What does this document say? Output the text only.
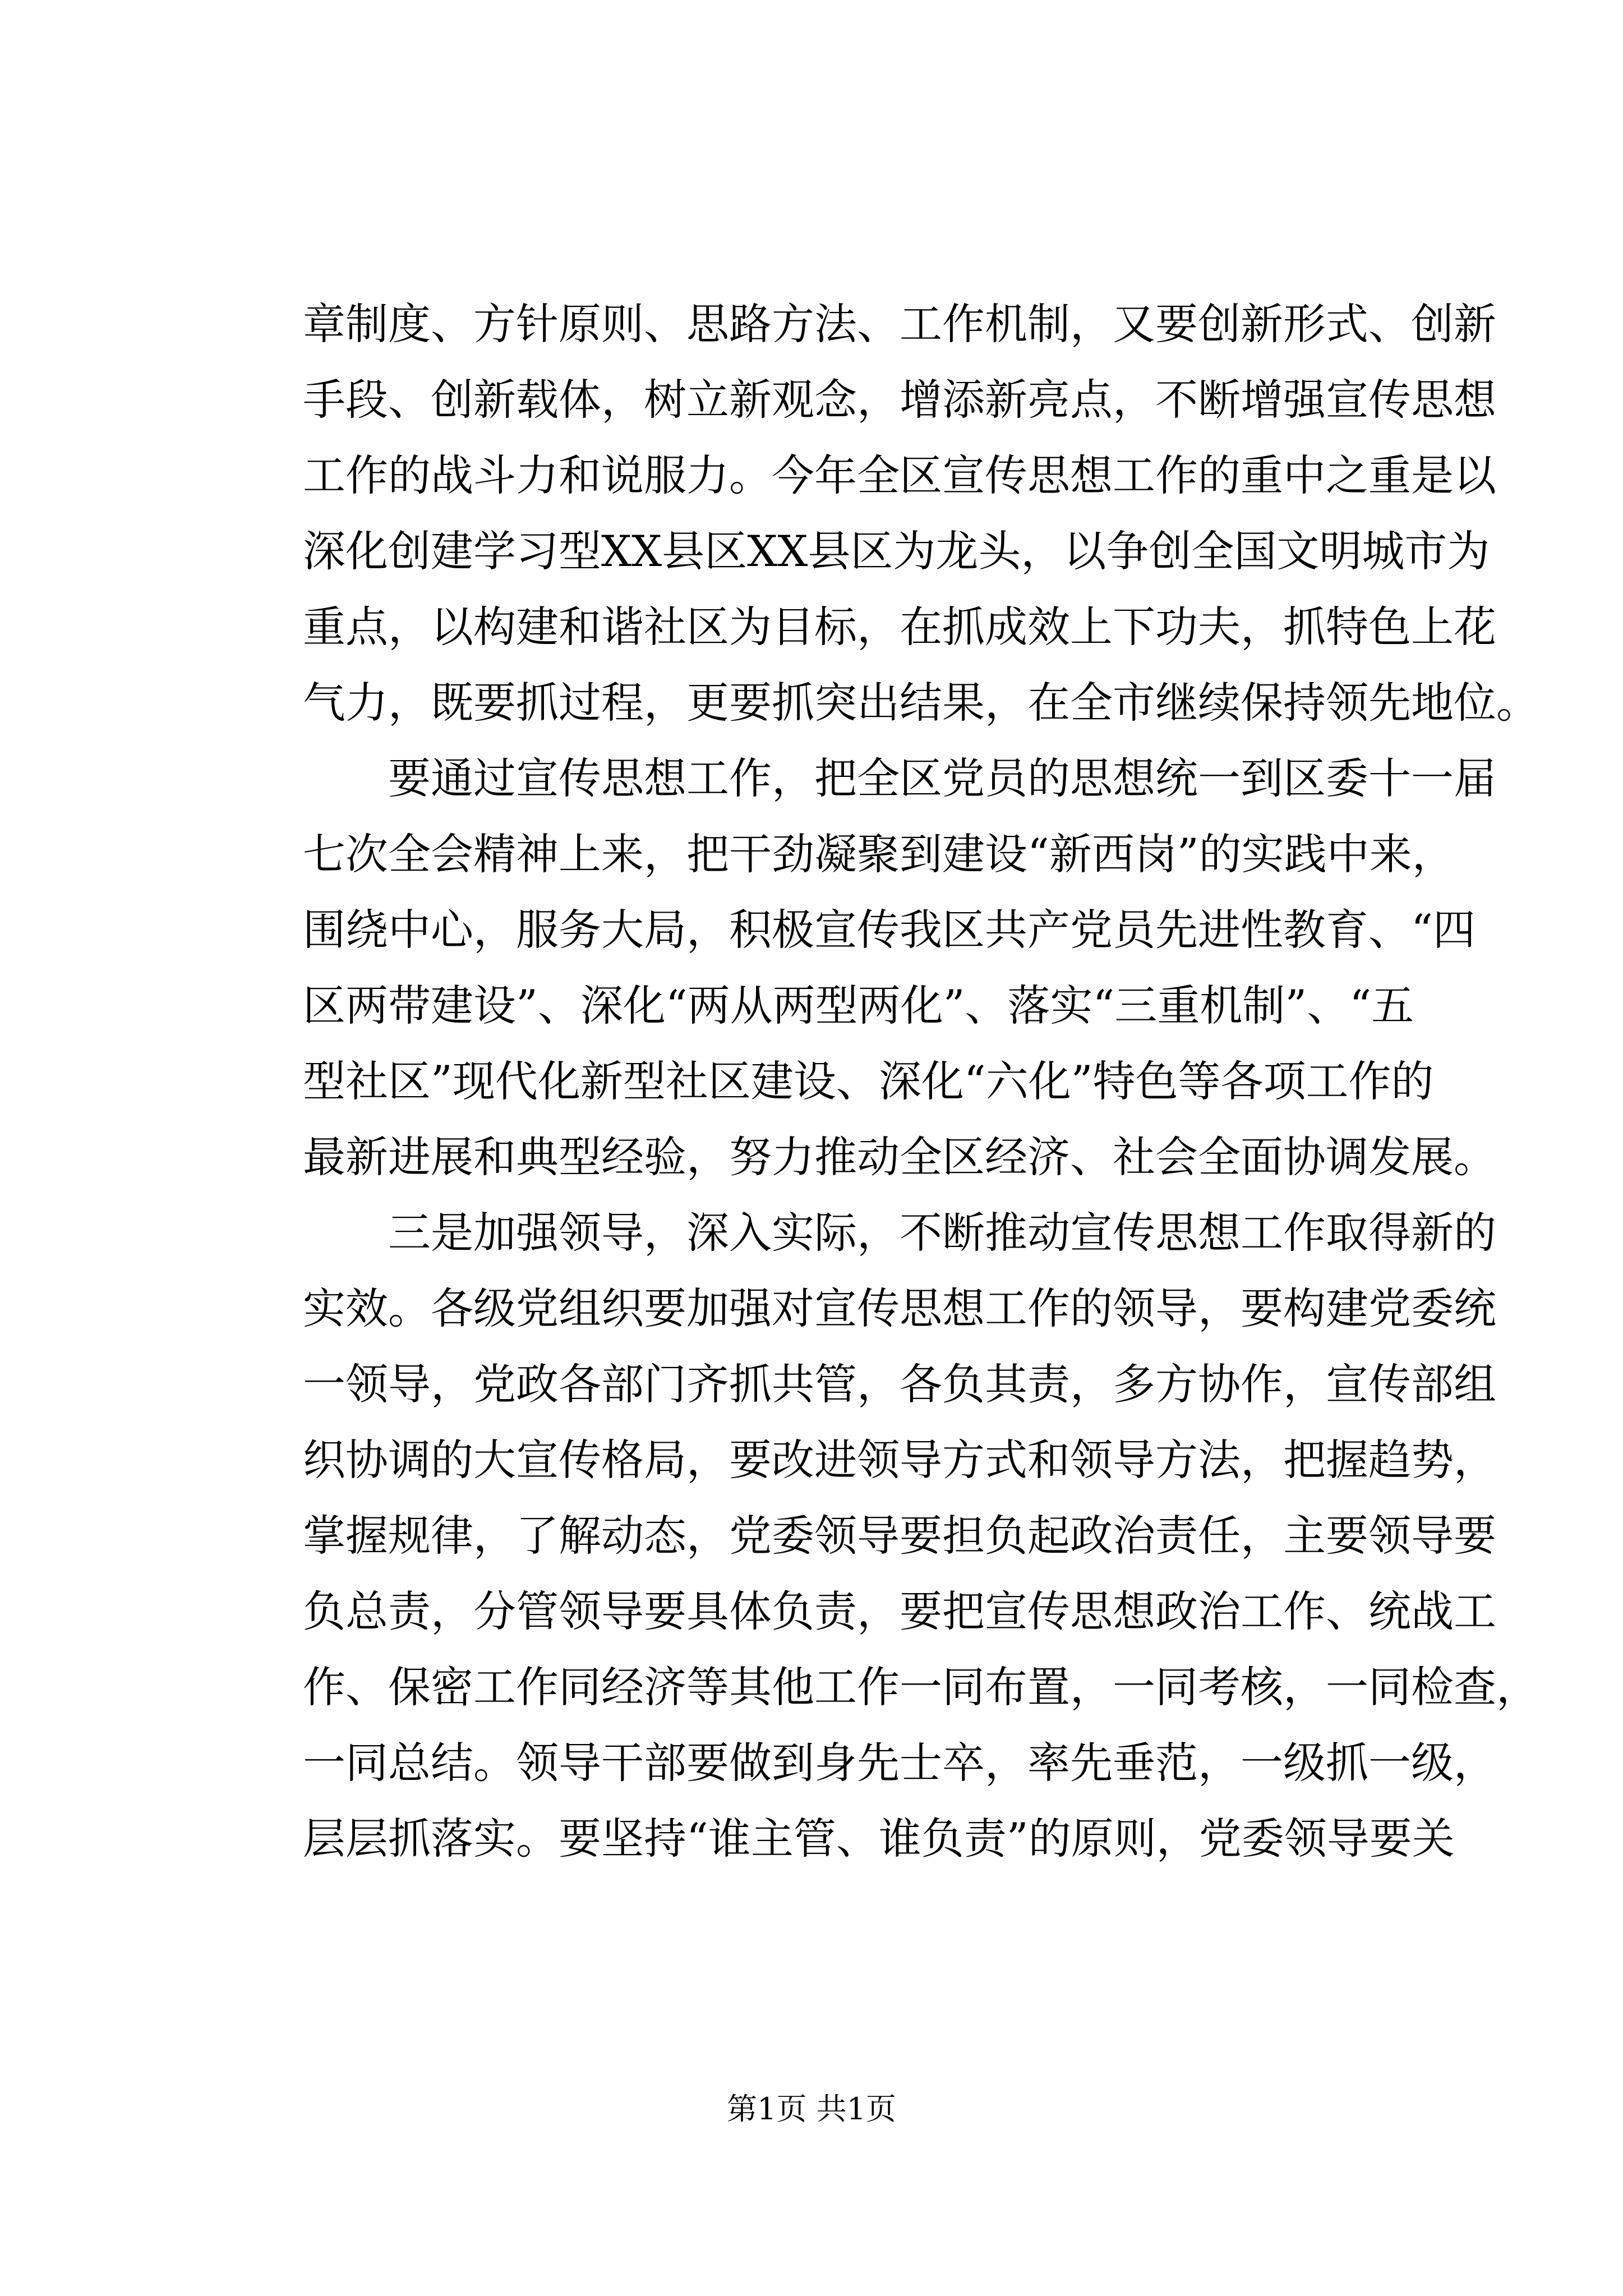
章制度、方针原则、思路方法、工作机制，又要创新形式、创新

手段、创新载体，树立新观念，增添新亮点，不断增强宣传思想

工作的战斗力和说服力。今年全区宣传思想工作的重中之重是以

深化创建学习型XX县区XX县区为龙头，以争创全国文明城市为

重点，以构建和谐社区为目标，在抓成效上下功夫，抓特色上花

气力，既要抓过程，更要抓突出结果，在全市继续保持领先地位。

　　要通过宣传思想工作，把全区党员的思想统一到区委十一届

七次全会精神上来，把干劲凝聚到建设“新西岗”的实践中来，

围绕中心，服务大局，积极宣传我区共产党员先进性教育、“四

区两带建设”、深化“两从两型两化”、落实“三重机制”、“五

型社区”现代化新型社区建设、深化“六化”特色等各项工作的

最新进展和典型经验，努力推动全区经济、社会全面协调发展。

　　三是加强领导，深入实际，不断推动宣传思想工作取得新的

实效。各级党组织要加强对宣传思想工作的领导，要构建党委统

一领导，党政各部门齐抓共管，各负其责，多方协作，宣传部组

织协调的大宣传格局，要改进领导方式和领导方法，把握趋势，

掌握规律，了解动态，党委领导要担负起政治责任，主要领导要

负总责，分管领导要具体负责，要把宣传思想政治工作、统战工

作、保密工作同经济等其他工作一同布置，一同考核，一同检查，

一同总结。领导干部要做到身先士卒，率先垂范，一级抓一级，

层层抓落实。要坚持“谁主管、谁负责”的原则，党委领导要关

第1页 共1页
